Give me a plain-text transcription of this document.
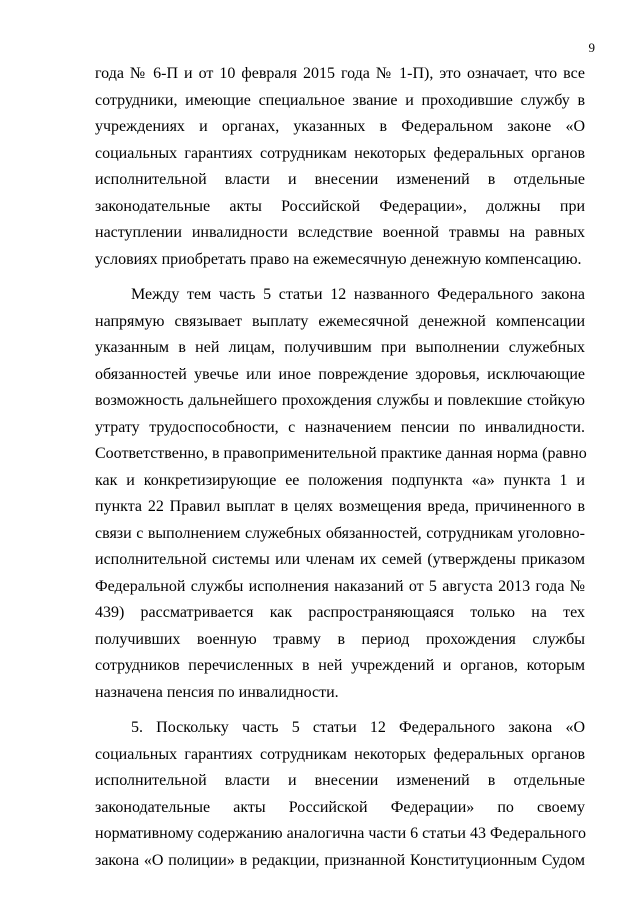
9
года № 6-П и от 10 февраля 2015 года № 1-П), это означает, что все
сотрудники, имеющие специальное звание и проходившие службу в
учреждениях и органах, указанных в Федеральном законе «О
социальных гарантиях сотрудникам некоторых федеральных органов
исполнительной власти и внесении изменений в отдельные
законодательные акты Российской Федерации», должны при
наступлении инвалидности вследствие военной травмы на равных
условиях приобретать право на ежемесячную денежную компенсацию.
Между тем часть 5 статьи 12 названного Федерального закона
напрямую связывает выплату ежемесячной денежной компенсации
указанным в ней лицам, получившим при выполнении служебных
обязанностей увечье или иное повреждение здоровья, исключающие
возможность дальнейшего прохождения службы и повлекшие стойкую
утрату трудоспособности, с назначением пенсии по инвалидности.
Соответственно, в правоприменительной практике данная норма (равно
как и конкретизирующие ее положения подпункта «а» пункта 1 и
пункта 22 Правил выплат в целях возмещения вреда, причиненного в
связи с выполнением служебных обязанностей, сотрудникам уголовно-
исполнительной системы или членам их семей (утверждены приказом
Федеральной службы исполнения наказаний от 5 августа 2013 года №
439) рассматривается как распространяющаяся только на тех
получивших военную травму в период прохождения службы
сотрудников перечисленных в ней учреждений и органов, которым
назначена пенсия по инвалидности.
5. Поскольку часть 5 статьи 12 Федерального закона «О
социальных гарантиях сотрудникам некоторых федеральных органов
исполнительной власти и внесении изменений в отдельные
законодательные акты Российской Федерации» по своему
нормативному содержанию аналогична части 6 статьи 43 Федерального
закона «О полиции» в редакции, признанной Конституционным Судом
